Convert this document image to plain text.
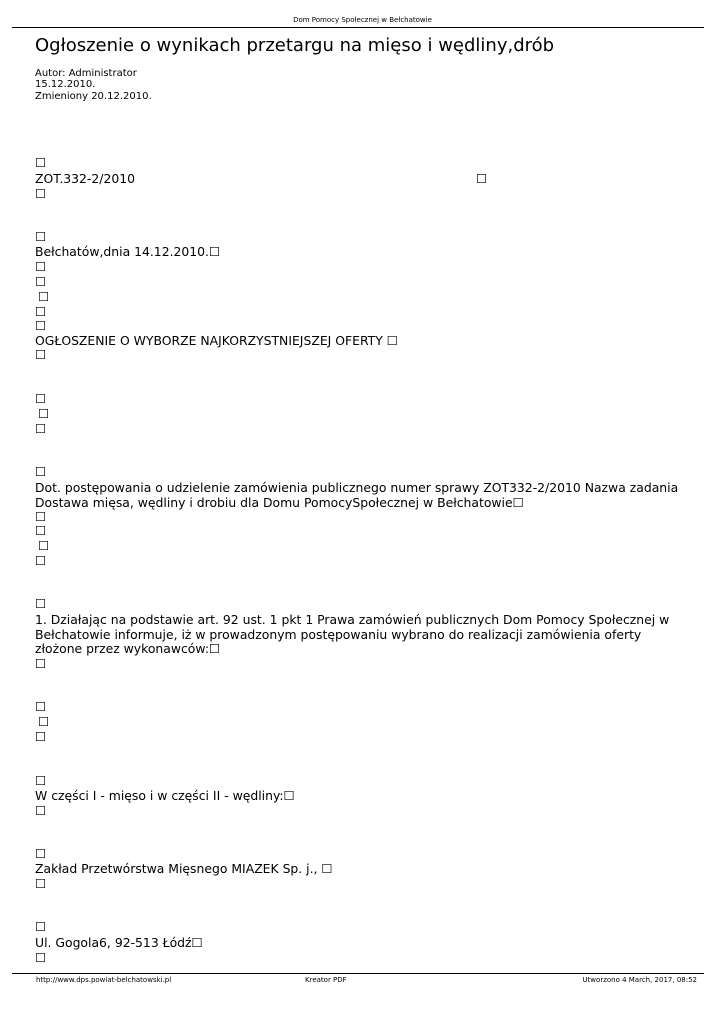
Dom Pomocy Społecznej w Bełchatowie
Ogłoszenie o wynikach przetargu na mięso i wędliny,drób
Autor: Administrator
15.12.2010.
Zmieniony 20.12.2010.
☐
ZOT.332-2/2010	☐
☐
☐
Bełchatów,dnia 14.12.2010.☐
☐
☐
☐
☐
☐
OGŁOSZENIE O WYBORZE NAJKORZYSTNIEJSZEJ OFERTY ☐
☐
☐
☐
☐
☐
Dot. postępowania o udzielenie zamówienia publicznego numer sprawy ZOT332-2/2010 Nazwa zadania
Dostawa mięsa, wędliny i drobiu dla Domu PomocySpołecznej w Bełchatowie☐
☐
☐
☐
☐
☐
1. Działając na podstawie art. 92 ust. 1 pkt 1 Prawa zamówień publicznych Dom Pomocy Społecznej w
Bełchatowie informuje, iż w prowadzonym postępowaniu wybrano do realizacji zamówienia oferty
złożone przez wykonawców:☐
☐
☐
☐
☐
☐
W części I - mięso i w części II - wędliny:☐
☐
☐
Zakład Przetwórstwa Mięsnego MIAZEK Sp. j., ☐
☐
☐
Ul. Gogola6, 92-513 Łódź☐
☐
http://www.dps.powiat-belchatowski.pl	Kreator PDF	Utworzono 4 March, 2017, 08:52
